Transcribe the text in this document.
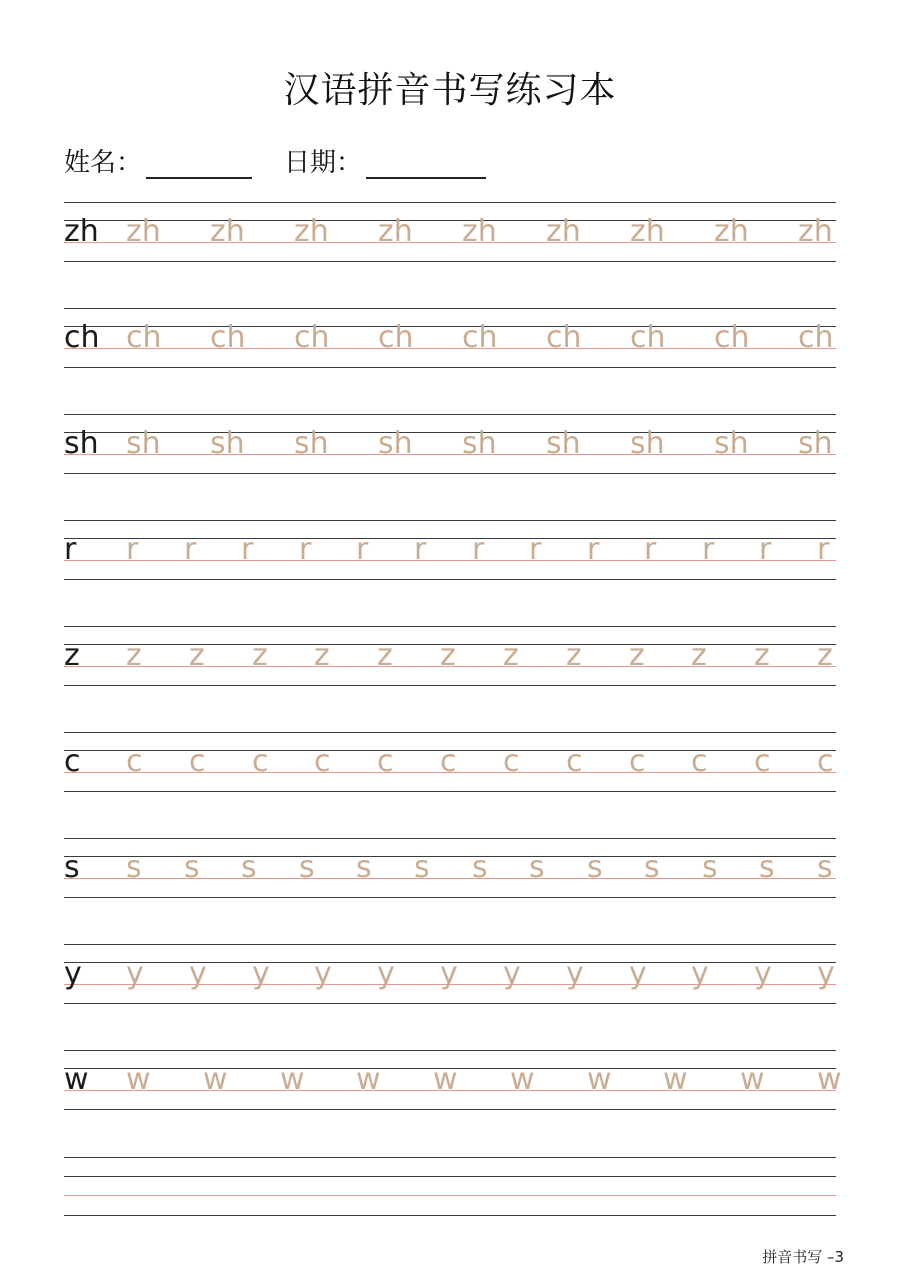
汉语拼音书写练习本
姓名：	日期：
zh zh zh zh zh zh zh zh zh zh
ch ch ch ch ch ch ch ch ch ch
sh sh sh sh sh sh sh sh sh sh
r r r r r r r r r r r r r r
z z z z z z z z z z z z z
c c c c c c c c c c c c c
s s s s s s s s s s s s s s
y y y y y y y y y y y y y
w w w w w w w w w w w
拼音书写 –3
